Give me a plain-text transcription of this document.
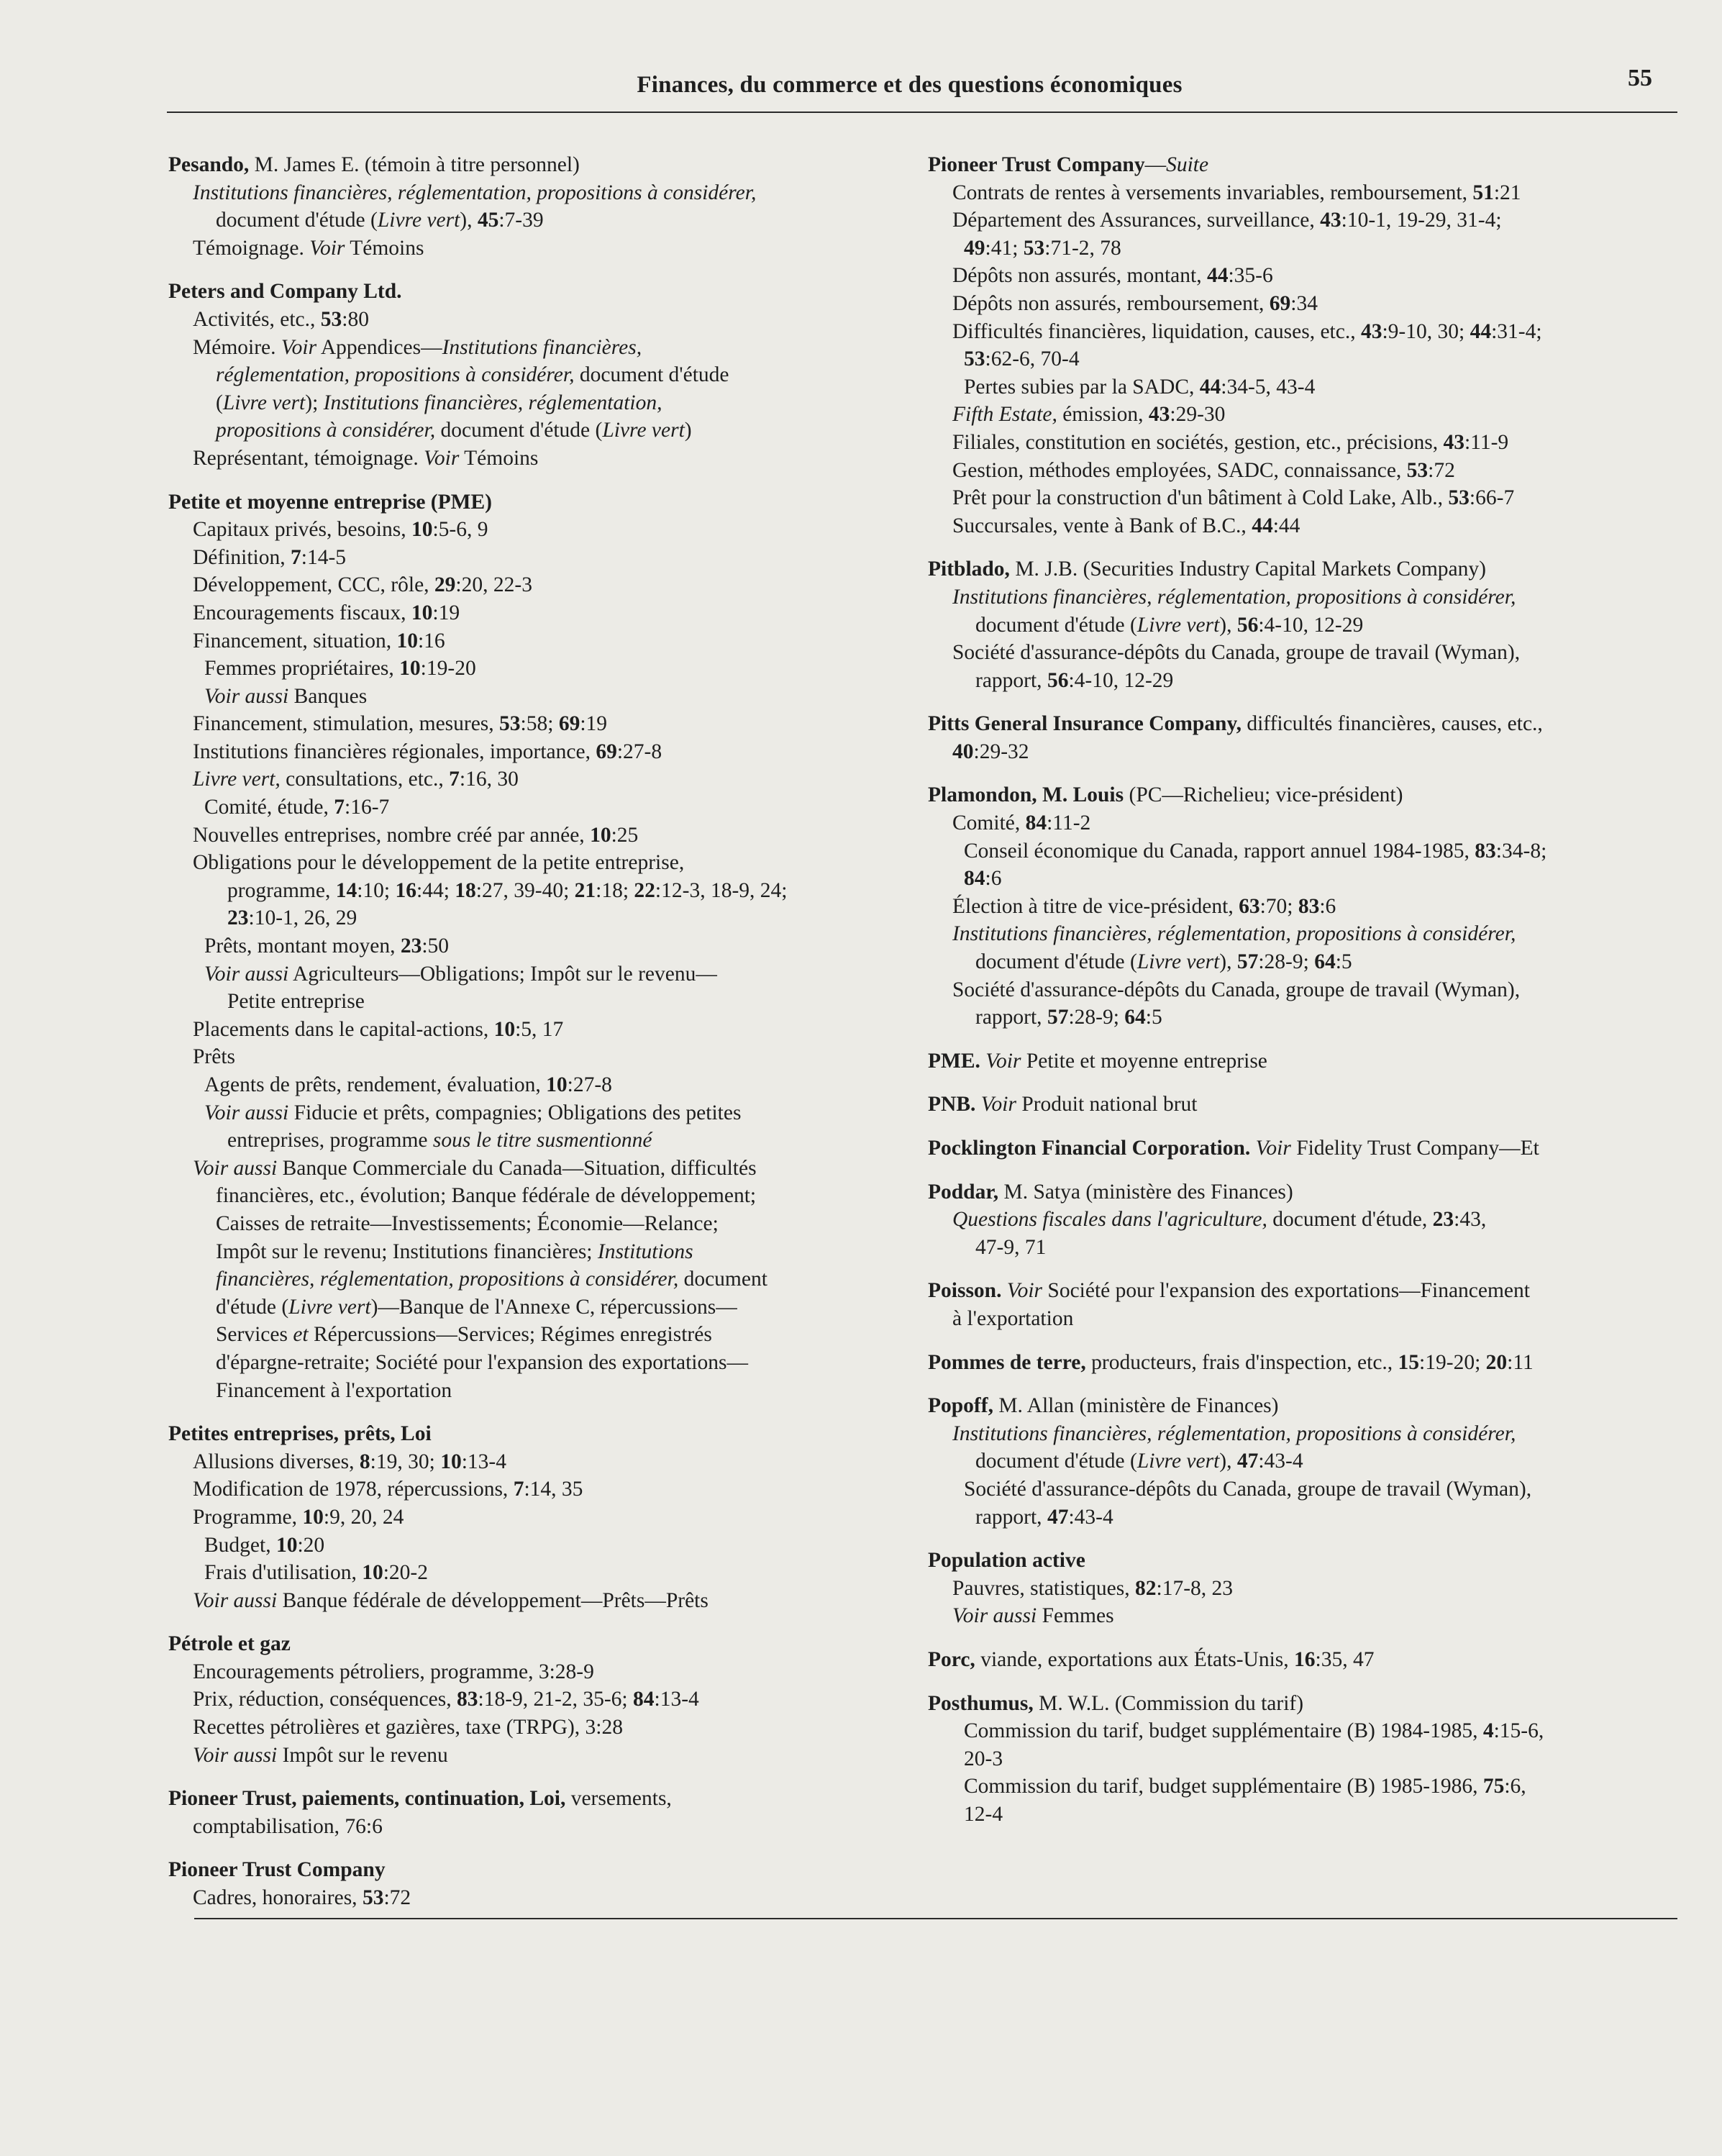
Finances, du commerce et des questions économiques	55
Pesando, M. James E. (témoin à titre personnel)
Institutions financières, réglementation, propositions à considérer,
document d'étude (Livre vert), 45:7-39
Témoignage. Voir Témoins
Peters and Company Ltd.
Activités, etc., 53:80
Mémoire. Voir Appendices—Institutions financières,
réglementation, propositions à considérer, document d'étude
(Livre vert); Institutions financières, réglementation,
propositions à considérer, document d'étude (Livre vert)
Représentant, témoignage. Voir Témoins
Petite et moyenne entreprise (PME)
Capitaux privés, besoins, 10:5-6, 9
Définition, 7:14-5
Développement, CCC, rôle, 29:20, 22-3
Encouragements fiscaux, 10:19
Financement, situation, 10:16
Femmes propriétaires, 10:19-20
Voir aussi Banques
Financement, stimulation, mesures, 53:58; 69:19
Institutions financières régionales, importance, 69:27-8
Livre vert, consultations, etc., 7:16, 30
Comité, étude, 7:16-7
Nouvelles entreprises, nombre créé par année, 10:25
Obligations pour le développement de la petite entreprise,
programme, 14:10; 16:44; 18:27, 39-40; 21:18; 22:12-3, 18-9, 24;
23:10-1, 26, 29
Prêts, montant moyen, 23:50
Voir aussi Agriculteurs—Obligations; Impôt sur le revenu—
Petite entreprise
Placements dans le capital-actions, 10:5, 17
Prêts
Agents de prêts, rendement, évaluation, 10:27-8
Voir aussi Fiducie et prêts, compagnies; Obligations des petites
entreprises, programme sous le titre susmentionné
Voir aussi Banque Commerciale du Canada—Situation, difficultés
financières, etc., évolution; Banque fédérale de développement;
Caisses de retraite—Investissements; Économie—Relance;
Impôt sur le revenu; Institutions financières; Institutions
financières, réglementation, propositions à considérer, document
d'étude (Livre vert)—Banque de l'Annexe C, répercussions—
Services et Répercussions—Services; Régimes enregistrés
d'épargne-retraite; Société pour l'expansion des exportations—
Financement à l'exportation
Petites entreprises, prêts, Loi
Allusions diverses, 8:19, 30; 10:13-4
Modification de 1978, répercussions, 7:14, 35
Programme, 10:9, 20, 24
Budget, 10:20
Frais d'utilisation, 10:20-2
Voir aussi Banque fédérale de développement—Prêts—Prêts
Pétrole et gaz
Encouragements pétroliers, programme, 3:28-9
Prix, réduction, conséquences, 83:18-9, 21-2, 35-6; 84:13-4
Recettes pétrolières et gazières, taxe (TRPG), 3:28
Voir aussi Impôt sur le revenu
Pioneer Trust, paiements, continuation, Loi, versements,
comptabilisation, 76:6
Pioneer Trust Company
Cadres, honoraires, 53:72
Pioneer Trust Company—Suite
Contrats de rentes à versements invariables, remboursement, 51:21
Département des Assurances, surveillance, 43:10-1, 19-29, 31-4;
49:41; 53:71-2, 78
Dépôts non assurés, montant, 44:35-6
Dépôts non assurés, remboursement, 69:34
Difficultés financières, liquidation, causes, etc., 43:9-10, 30; 44:31-4;
53:62-6, 70-4
Pertes subies par la SADC, 44:34-5, 43-4
Fifth Estate, émission, 43:29-30
Filiales, constitution en sociétés, gestion, etc., précisions, 43:11-9
Gestion, méthodes employées, SADC, connaissance, 53:72
Prêt pour la construction d'un bâtiment à Cold Lake, Alb., 53:66-7
Succursales, vente à Bank of B.C., 44:44
Pitblado, M. J.B. (Securities Industry Capital Markets Company)
Institutions financières, réglementation, propositions à considérer,
document d'étude (Livre vert), 56:4-10, 12-29
Société d'assurance-dépôts du Canada, groupe de travail (Wyman),
rapport, 56:4-10, 12-29
Pitts General Insurance Company, difficultés financières, causes, etc.,
40:29-32
Plamondon, M. Louis (PC—Richelieu; vice-président)
Comité, 84:11-2
Conseil économique du Canada, rapport annuel 1984-1985, 83:34-8;
84:6
Élection à titre de vice-président, 63:70; 83:6
Institutions financières, réglementation, propositions à considérer,
document d'étude (Livre vert), 57:28-9; 64:5
Société d'assurance-dépôts du Canada, groupe de travail (Wyman),
rapport, 57:28-9; 64:5
PME. Voir Petite et moyenne entreprise
PNB. Voir Produit national brut
Pocklington Financial Corporation. Voir Fidelity Trust Company—Et
Poddar, M. Satya (ministère des Finances)
Questions fiscales dans l'agriculture, document d'étude, 23:43,
47-9, 71
Poisson. Voir Société pour l'expansion des exportations—Financement
à l'exportation
Pommes de terre, producteurs, frais d'inspection, etc., 15:19-20; 20:11
Popoff, M. Allan (ministère de Finances)
Institutions financières, réglementation, propositions à considérer,
document d'étude (Livre vert), 47:43-4
Société d'assurance-dépôts du Canada, groupe de travail (Wyman),
rapport, 47:43-4
Population active
Pauvres, statistiques, 82:17-8, 23
Voir aussi Femmes
Porc, viande, exportations aux États-Unis, 16:35, 47
Posthumus, M. W.L. (Commission du tarif)
Commission du tarif, budget supplémentaire (B) 1984-1985, 4:15-6,
20-3
Commission du tarif, budget supplémentaire (B) 1985-1986, 75:6,
12-4
